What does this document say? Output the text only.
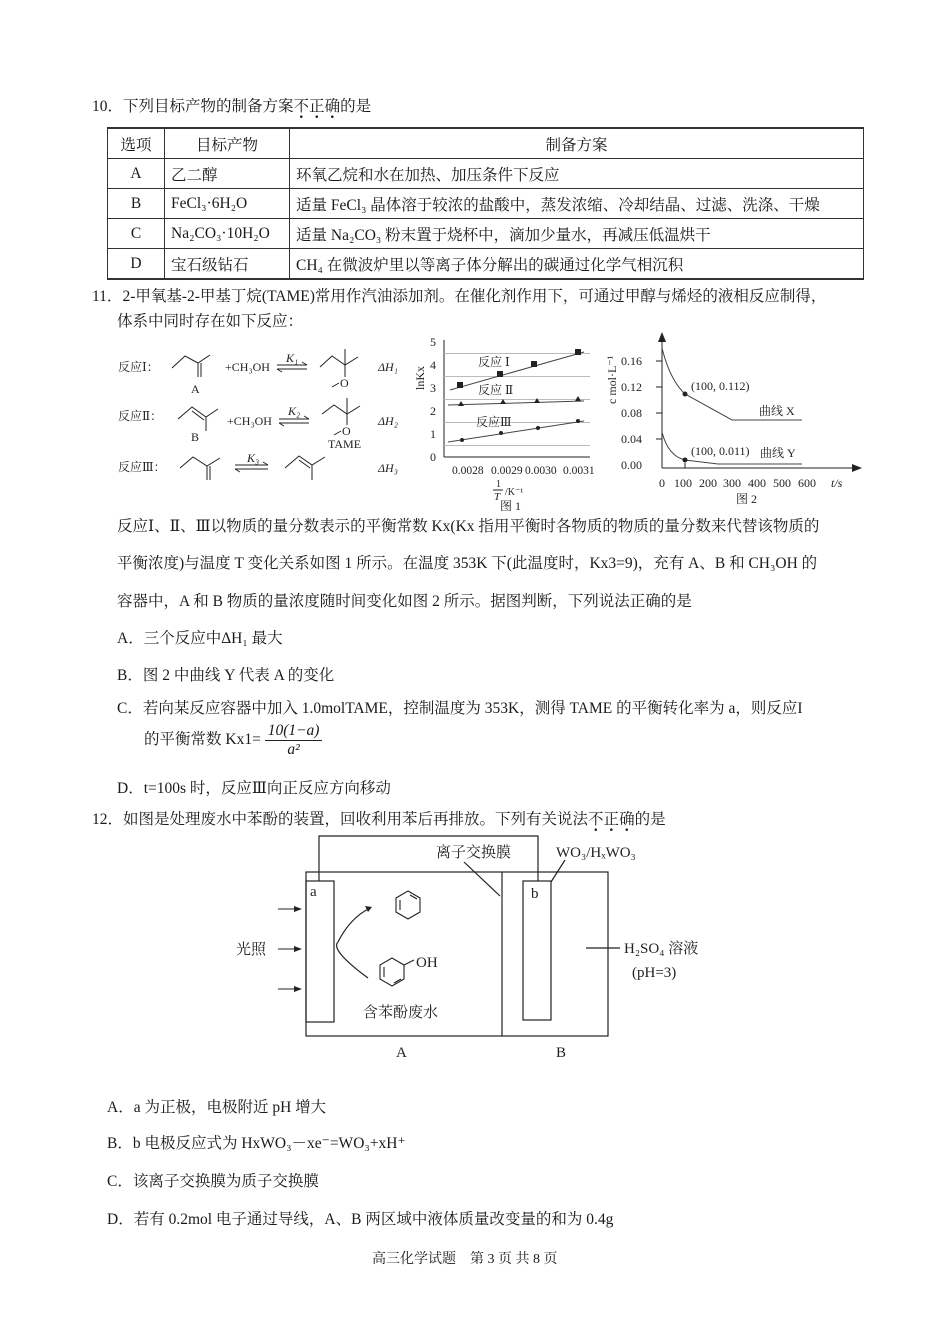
10．下列目标产物的制备方案不正确的是
选项	目标产物	制备方案
A	乙二醇	环氧乙烷和水在加热、加压条件下反应
B	FeCl₃·6H₂O	适量 FeCl₃ 晶体溶于较浓的盐酸中，蒸发浓缩、冷却结晶、过滤、洗涤、干燥
C	Na₂CO₃·10H₂O	适量 Na₂CO₃ 粉末置于烧杯中，滴加少量水，再减压低温烘干
D	宝石级钻石	CH₄ 在微波炉里以等离子体分解出的碳通过化学气相沉积
11．2-甲氧基-2-甲基丁烷(TAME)常用作汽油添加剂。在催化剂作用下，可通过甲醇与烯烃的液相反应制得，
体系中同时存在如下反应：
反应Ⅰ：
A
+CH₃OH
K₁
O
ΔH₁
反应Ⅱ：
B
+CH₃OH
K₂
O
TAME
ΔH₂
反应Ⅲ：
K₃
ΔH₃
0
1
2
3
4
5
lnKx
反应 Ⅰ
反应 Ⅱ
反应Ⅲ
0.0028 0.0029 0.0030 0.0031
1
T /K⁻¹
图 1
0.16
0.12
0.08
0.04
0.00
c mol·L⁻¹	(100, 0.112)
曲线 X
(100, 0.011) 曲线 Y
0 100 200 300 400 500 600 t/s
图 2
反应Ⅰ、Ⅱ、Ⅲ以物质的量分数表示的平衡常数 Kx(Kx 指用平衡时各物质的物质的量分数来代替该物质的
平衡浓度)与温度 T 变化关系如图 1 所示。在温度 353K 下(此温度时，Kx3=9)，充有 A、B 和 CH₃OH 的
容器中，A 和 B 物质的量浓度随时间变化如图 2 所示。据图判断，下列说法正确的是
A．三个反应中ΔH₁ 最大
B．图 2 中曲线 Y 代表 A 的变化
C．若向某反应容器中加入 1.0molTAME，控制温度为 353K，测得 TAME 的平衡转化率为 a，则反应I
的平衡常数 $Kx1= \frac{10(1-a)}{\text{a²}}$
D．t=100s 时，反应Ⅲ向正反应方向移动
12．如图是处理废水中苯酚的装置，回收利用苯后再排放。下列有关说法不正确的是
离子交换膜	WO₃/HₓWO₃
a	b
光照
OH
含苯酚废水
H₂SO₄ 溶液
(pH=3)
A	B
A．a 为正极，电极附近 pH 增大
B．b 电极反应式为 HxWO₃－xe⁻=WO₃+xH⁺
C．该离子交换膜为质子交换膜
D．若有 0.2mol 电子通过导线，A、B 两区域中液体质量改变量的和为 0.4g
高三化学试题　第 3 页 共 8 页
